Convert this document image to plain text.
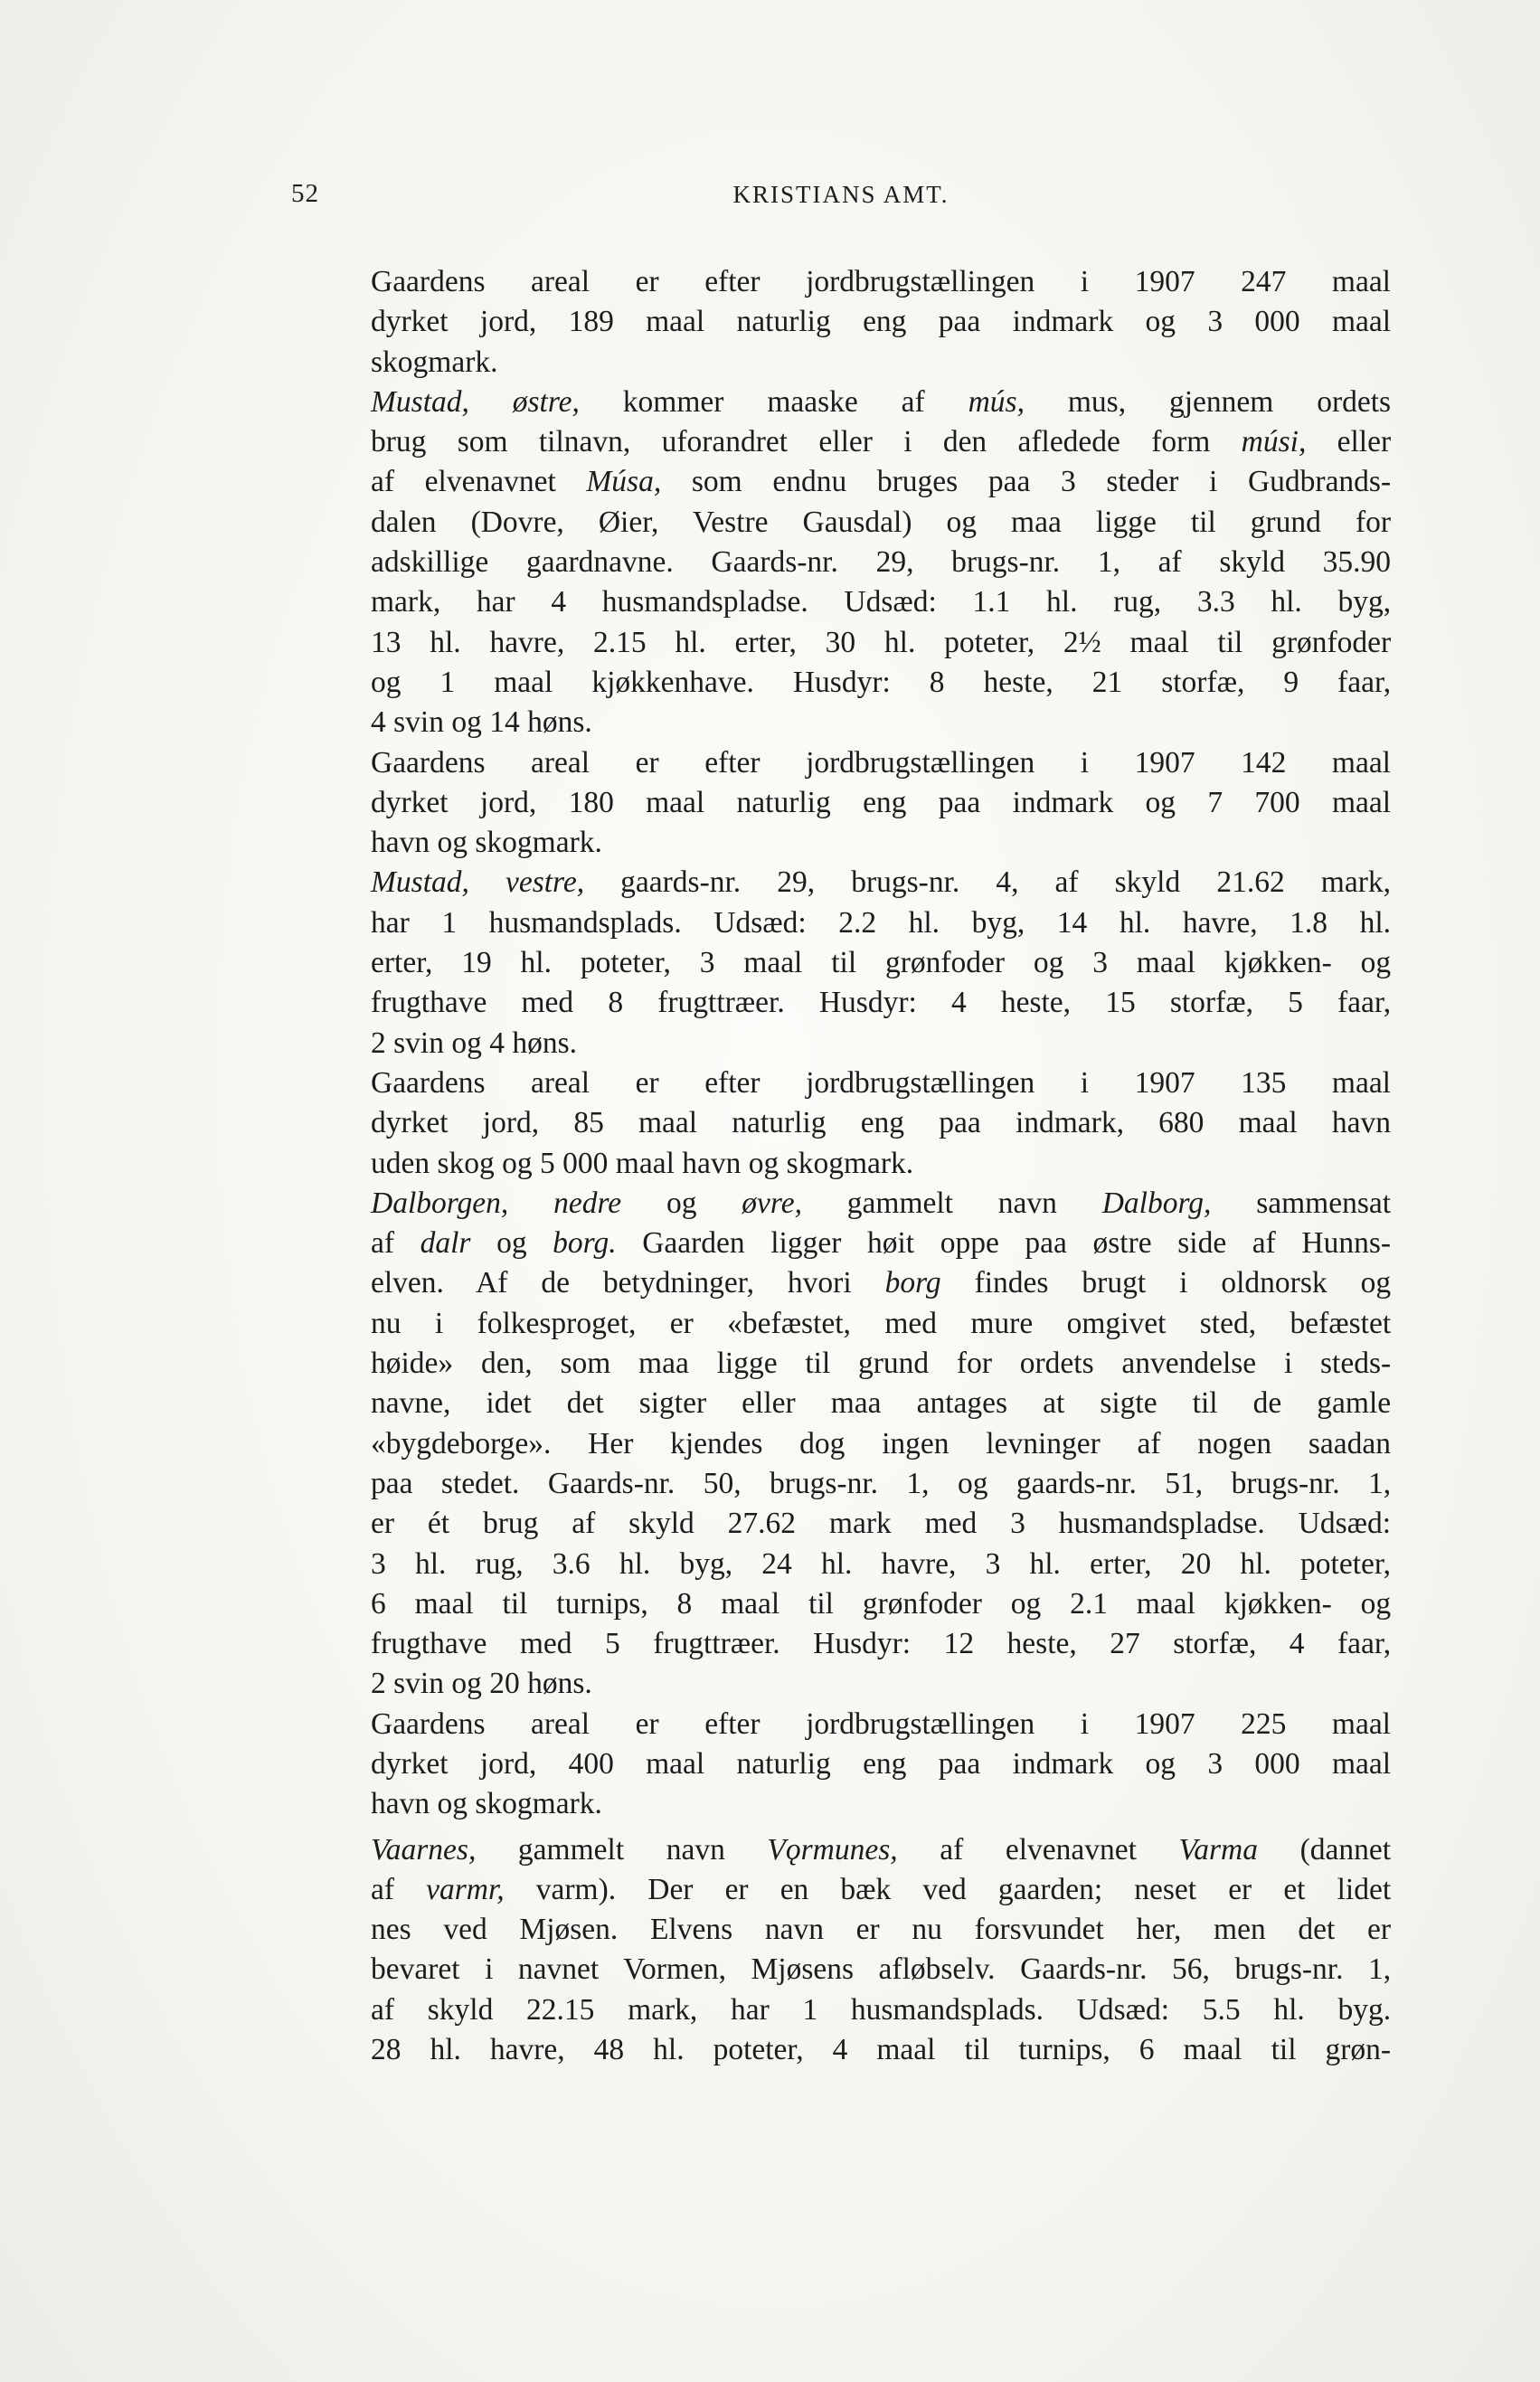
52	KRISTIANS AMT.

Gaardens areal er efter jordbrugstællingen i 1907 247 maal
dyrket jord, 189 maal naturlig eng paa indmark og 3 000 maal
skogmark.

Mustad, østre, kommer maaske af mús, mus, gjennem ordets
brug som tilnavn, uforandret eller i den afledede form músi, eller
af elvenavnet Músa, som endnu bruges paa 3 steder i Gudbrands-
dalen (Dovre, Øier, Vestre Gausdal) og maa ligge til grund for
adskillige gaardnavne. Gaards-nr. 29, brugs-nr. 1, af skyld 35.90
mark, har 4 husmandspladse. Udsæd: 1.1 hl. rug, 3.3 hl. byg,
13 hl. havre, 2.15 hl. erter, 30 hl. poteter, 2½ maal til grønfoder
og 1 maal kjøkkenhave. Husdyr: 8 heste, 21 storfæ, 9 faar,
4 svin og 14 høns.

Gaardens areal er efter jordbrugstællingen i 1907 142 maal
dyrket jord, 180 maal naturlig eng paa indmark og 7 700 maal
havn og skogmark.

Mustad, vestre, gaards-nr. 29, brugs-nr. 4, af skyld 21.62 mark,
har 1 husmandsplads. Udsæd: 2.2 hl. byg, 14 hl. havre, 1.8 hl.
erter, 19 hl. poteter, 3 maal til grønfoder og 3 maal kjøkken- og
frugthave med 8 frugttræer. Husdyr: 4 heste, 15 storfæ, 5 faar,
2 svin og 4 høns.

Gaardens areal er efter jordbrugstællingen i 1907 135 maal
dyrket jord, 85 maal naturlig eng paa indmark, 680 maal havn
uden skog og 5 000 maal havn og skogmark.

Dalborgen, nedre og øvre, gammelt navn Dalborg, sammensat
af dalr og borg. Gaarden ligger høit oppe paa østre side af Hunns-
elven. Af de betydninger, hvori borg findes brugt i oldnorsk og
nu i folkesproget, er «befæstet, med mure omgivet sted, befæstet
høide» den, som maa ligge til grund for ordets anvendelse i steds-
navne, idet det sigter eller maa antages at sigte til de gamle
«bygdeborge». Her kjendes dog ingen levninger af nogen saadan
paa stedet. Gaards-nr. 50, brugs-nr. 1, og gaards-nr. 51, brugs-nr. 1,
er ét brug af skyld 27.62 mark med 3 husmandspladse. Udsæd:
3 hl. rug, 3.6 hl. byg, 24 hl. havre, 3 hl. erter, 20 hl. poteter,
6 maal til turnips, 8 maal til grønfoder og 2.1 maal kjøkken- og
frugthave med 5 frugttræer. Husdyr: 12 heste, 27 storfæ, 4 faar,
2 svin og 20 høns.

Gaardens areal er efter jordbrugstællingen i 1907 225 maal
dyrket jord, 400 maal naturlig eng paa indmark og 3 000 maal
havn og skogmark.

Vaarnes, gammelt navn Vǫrmunes, af elvenavnet Varma (dannet
af varmr, varm). Der er en bæk ved gaarden; neset er et lidet
nes ved Mjøsen. Elvens navn er nu forsvundet her, men det er
bevaret i navnet Vormen, Mjøsens afløbselv. Gaards-nr. 56, brugs-nr. 1,
af skyld 22.15 mark, har 1 husmandsplads. Udsæd: 5.5 hl. byg.
28 hl. havre, 48 hl. poteter, 4 maal til turnips, 6 maal til grøn-
